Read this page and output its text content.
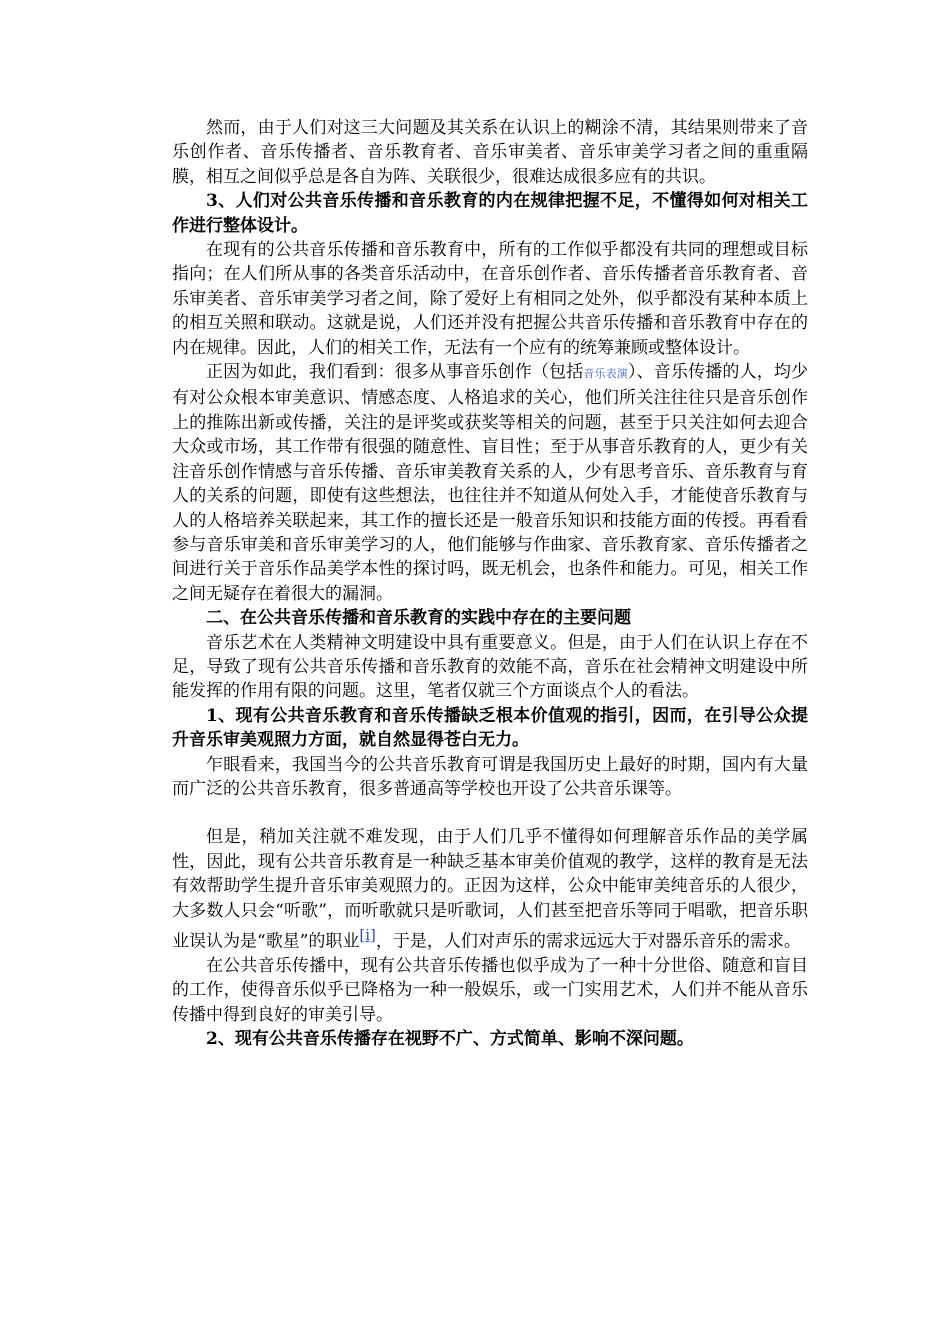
然而，由于人们对这三大问题及其关系在认识上的糊涂不清，其结果则带来了音乐创作者、音乐传播者、音乐教育者、音乐审美者、音乐审美学习者之间的重重隔膜，相互之间似乎总是各自为阵、关联很少，很难达成很多应有的共识。

3、人们对公共音乐传播和音乐教育的内在规律把握不足，不懂得如何对相关工作进行整体设计。

在现有的公共音乐传播和音乐教育中，所有的工作似乎都没有共同的理想或目标指向；在人们所从事的各类音乐活动中，在音乐创作者、音乐传播者音乐教育者、音乐审美者、音乐审美学习者之间，除了爱好上有相同之处外，似乎都没有某种本质上的相互关照和联动。这就是说，人们还并没有把握公共音乐传播和音乐教育中存在的内在规律。因此，人们的相关工作，无法有一个应有的统筹兼顾或整体设计。

正因为如此，我们看到：很多从事音乐创作（包括音乐表演）、音乐传播的人，均少有对公众根本审美意识、情感态度、人格追求的关心，他们所关注往往只是音乐创作上的推陈出新或传播，关注的是评奖或获奖等相关的问题，甚至于只关注如何去迎合大众或市场，其工作带有很强的随意性、盲目性；至于从事音乐教育的人，更少有关注音乐创作情感与音乐传播、音乐审美教育关系的人，少有思考音乐、音乐教育与育人的关系的问题，即使有这些想法，也往往并不知道从何处入手，才能使音乐教育与人的人格培养关联起来，其工作的擅长还是一般音乐知识和技能方面的传授。再看看参与音乐审美和音乐审美学习的人，他们能够与作曲家、音乐教育家、音乐传播者之间进行关于音乐作品美学本性的探讨吗，既无机会，也条件和能力。可见，相关工作之间无疑存在着很大的漏洞。

二、在公共音乐传播和音乐教育的实践中存在的主要问题

音乐艺术在人类精神文明建设中具有重要意义。但是，由于人们在认识上存在不足，导致了现有公共音乐传播和音乐教育的效能不高，音乐在社会精神文明建设中所能发挥的作用有限的问题。这里，笔者仅就三个方面谈点个人的看法。

1、现有公共音乐教育和音乐传播缺乏根本价值观的指引，因而，在引导公众提升音乐审美观照力方面，就自然显得苍白无力。

乍眼看来，我国当今的公共音乐教育可谓是我国历史上最好的时期，国内有大量而广泛的公共音乐教育，很多普通高等学校也开设了公共音乐课等。

但是，稍加关注就不难发现，由于人们几乎不懂得如何理解音乐作品的美学属性，因此，现有公共音乐教育是一种缺乏基本审美价值观的教学，这样的教育是无法有效帮助学生提升音乐审美观照力的。正因为这样，公众中能审美纯音乐的人很少，大多数人只会“听歌”，而听歌就只是听歌词，人们甚至把音乐等同于唱歌，把音乐职业误认为是“歌星”的职业[i]，于是，人们对声乐的需求远远大于对器乐音乐的需求。

在公共音乐传播中，现有公共音乐传播也似乎成为了一种十分世俗、随意和盲目的工作，使得音乐似乎已降格为一种一般娱乐，或一门实用艺术，人们并不能从音乐传播中得到良好的审美引导。

2、现有公共音乐传播存在视野不广、方式简单、影响不深问题。
